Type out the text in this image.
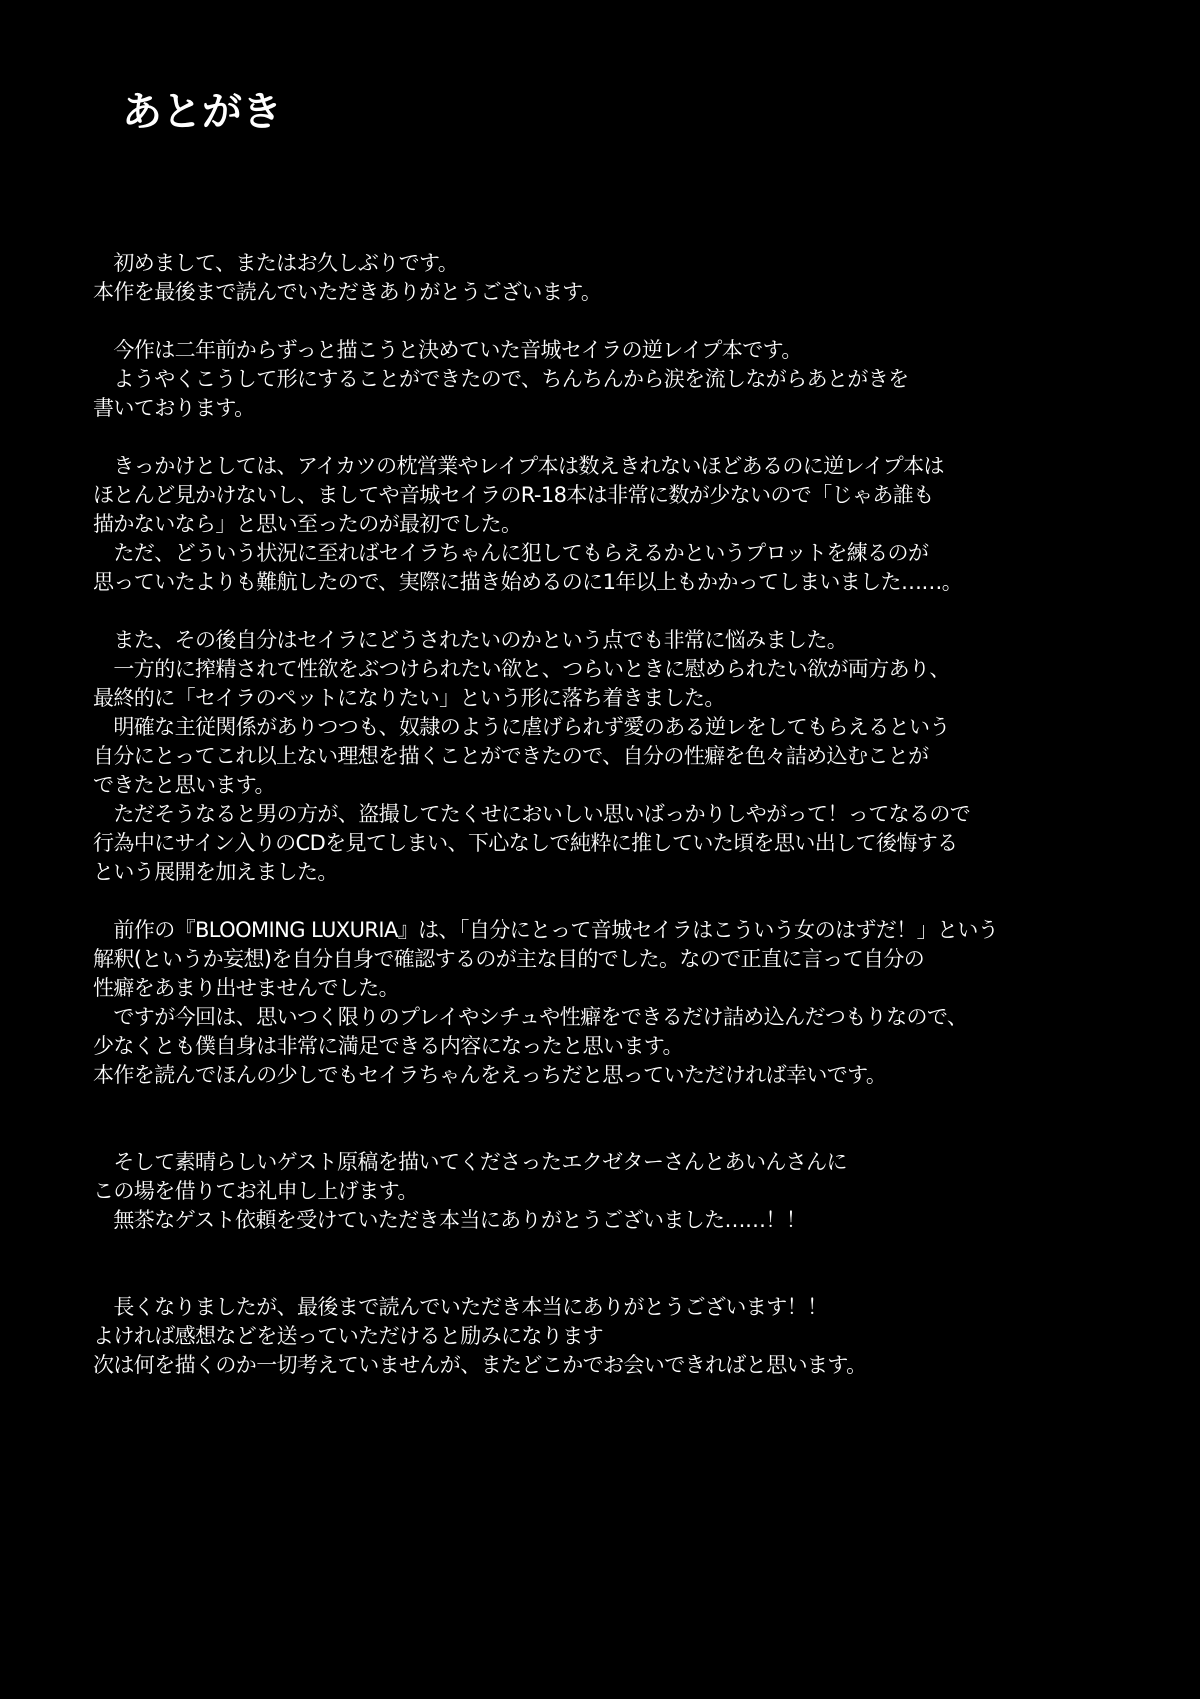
あとがき
　初めまして、またはお久しぶりです。
本作を最後まで読んでいただきありがとうございます。
　今作は二年前からずっと描こうと決めていた音城セイラの逆レイプ本です。
　ようやくこうして形にすることができたので、ちんちんから涙を流しながらあとがきを
書いております。
　きっかけとしては、アイカツの枕営業やレイプ本は数えきれないほどあるのに逆レイプ本は
ほとんど見かけないし、ましてや音城セイラのR-18本は非常に数が少ないので「じゃあ誰も
描かないなら」と思い至ったのが最初でした。
　ただ、どういう状況に至ればセイラちゃんに犯してもらえるかというプロットを練るのが
思っていたよりも難航したので、実際に描き始めるのに1年以上もかかってしまいました……。
　また、その後自分はセイラにどうされたいのかという点でも非常に悩みました。
　一方的に搾精されて性欲をぶつけられたい欲と、つらいときに慰められたい欲が両方あり、
最終的に「セイラのペットになりたい」という形に落ち着きました。
　明確な主従関係がありつつも、奴隷のように虐げられず愛のある逆レをしてもらえるという
自分にとってこれ以上ない理想を描くことができたので、自分の性癖を色々詰め込むことが
できたと思います。
　ただそうなると男の方が、盗撮してたくせにおいしい思いばっかりしやがって！ってなるので
行為中にサイン入りのCDを見てしまい、下心なしで純粋に推していた頃を思い出して後悔する
という展開を加えました。
　前作の『BLOOMING LUXURIA』は、「自分にとって音城セイラはこういう女のはずだ！」という
解釈(というか妄想)を自分自身で確認するのが主な目的でした。なので正直に言って自分の
性癖をあまり出せませんでした。
　ですが今回は、思いつく限りのプレイやシチュや性癖をできるだけ詰め込んだつもりなので、
少なくとも僕自身は非常に満足できる内容になったと思います。
本作を読んでほんの少しでもセイラちゃんをえっちだと思っていただければ幸いです。
　そして素晴らしいゲスト原稿を描いてくださったエクゼターさんとあいんさんに
この場を借りてお礼申し上げます。
　無茶なゲスト依頼を受けていただき本当にありがとうございました……！！
　長くなりましたが、最後まで読んでいただき本当にありがとうございます！！
よければ感想などを送っていただけると励みになります
次は何を描くのか一切考えていませんが、またどこかでお会いできればと思います。
